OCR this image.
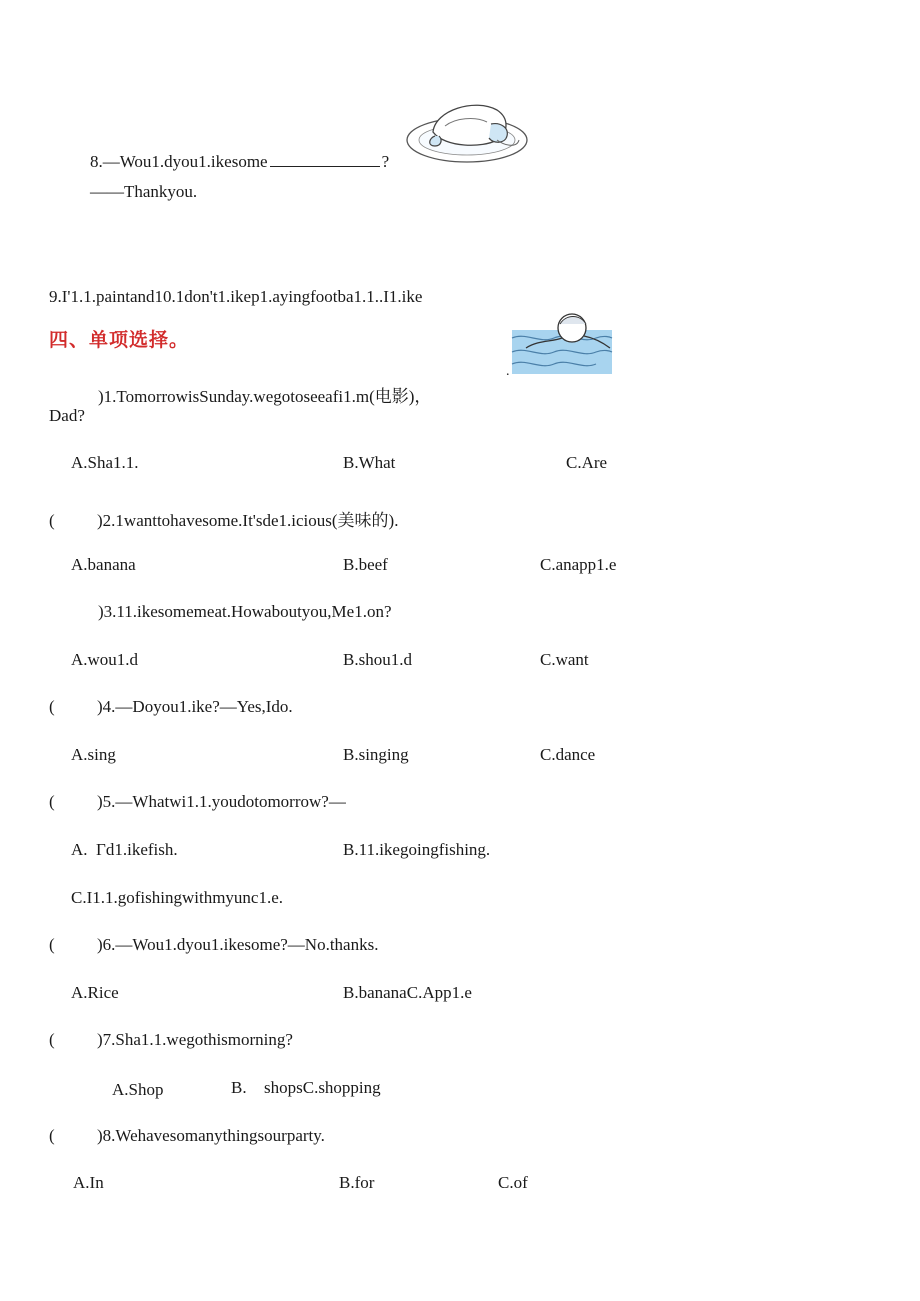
8.—Wou1.dyou1.ikesome	?
——Thankyou.
9.I'1.1.paintand10.1don't1.ikep1.ayingfootba1.1..I1.ike
四、单项选择。
.
)1.TomorrowisSunday.wegotoseeafi1.m(电影)，
Dad?
A.Sha1.1.	B.What	C.Are
( )2.1wanttohavesome.It'sde1.icious(美味的).
A.banana	B.beef	C.anapp1.e
)3.11.ikesomemeat.Howaboutyou,Me1.on?
A.wou1.d	B.shou1.d	C.want
( )4.—Doyou1.ike?—Yes,Ido.
A.sing	B.singing	C.dance
( )5.—Whatwi1.1.youdotomorrow?—
A.  Γd1.ikefish.	B.11.ikegoingfishing.
C.I1.1.gofishingwithmyunc1.e.
( )6.—Wou1.dyou1.ikesome?—No.thanks.
A.Rice	B.bananaC.App1.e
( )7.Sha1.1.wegothismorning?
A.Shop	B. shopsC.shopping
( )8.Wehavesomanythingsourparty.
A.In	B.for	C.of
